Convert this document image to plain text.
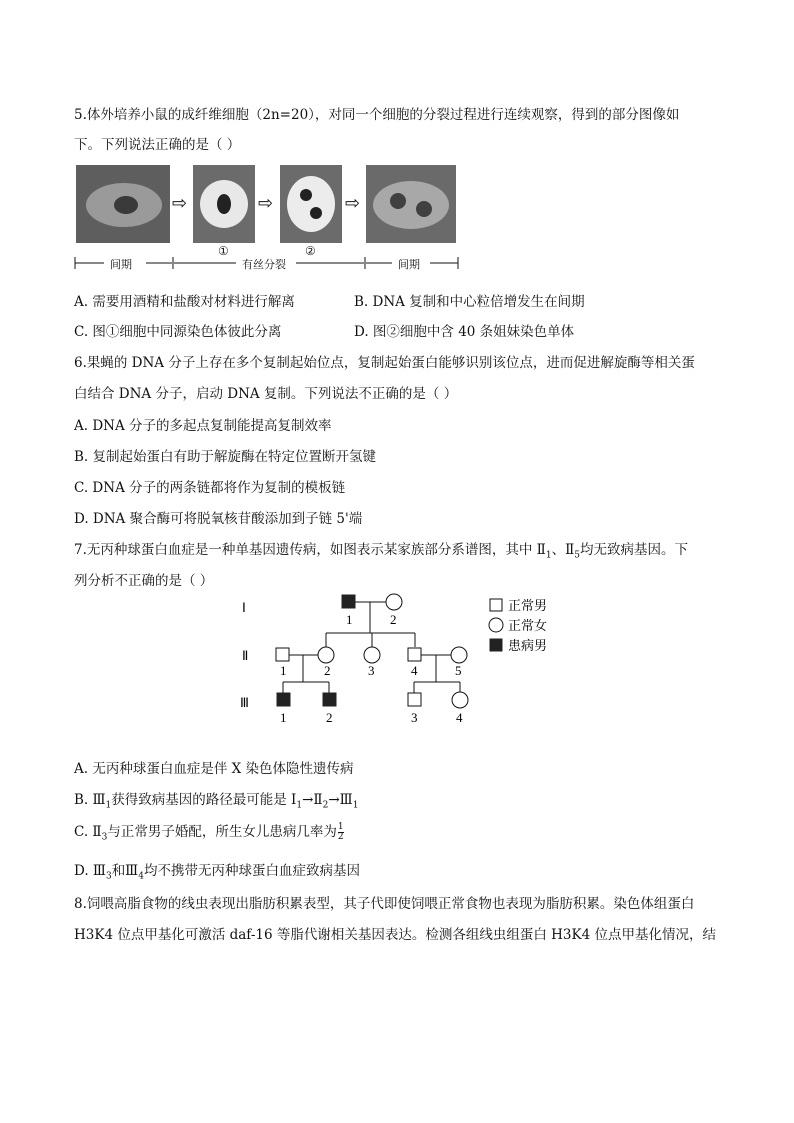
5.体外培养小鼠的成纤维细胞（2n=20），对同一个细胞的分裂过程进行连续观察，得到的部分图像如
下。下列说法正确的是（ ）
⇨	⇨	⇨
①	②
间期	有丝分裂	间期
A. 需要用酒精和盐酸对材料进行解离	B. DNA 复制和中心粒倍增发生在间期
C. 图①细胞中同源染色体彼此分离	D. 图②细胞中含 40 条姐妹染色单体
6.果蝇的 DNA 分子上存在多个复制起始位点，复制起始蛋白能够识别该位点，进而促进解旋酶等相关蛋
白结合 DNA 分子，启动 DNA 复制。下列说法不正确的是（ ）
A. DNA 分子的多起点复制能提高复制效率
B. 复制起始蛋白有助于解旋酶在特定位置断开氢键
C. DNA 分子的两条链都将作为复制的模板链
D. DNA 聚合酶可将脱氧核苷酸添加到子链 5'端
7.无丙种球蛋白血症是一种单基因遗传病，如图表示某家族部分系谱图，其中 $Ⅱ_1$、$Ⅱ_5$均无致病基因。下
列分析不正确的是（ ）
Ⅰ
Ⅱ
Ⅲ
1	2
1	2	3	4	5
1	2	3	4
正常男
正常女
患病男
A. 无丙种球蛋白血症是伴 X 染色体隐性遗传病
B. $Ⅲ_1$获得致病基因的路径最可能是 $Ⅰ_1\to Ⅱ_2\to Ⅲ_1$
C. $Ⅱ_3$与正常男子婚配，所生女儿患病几率为 $\frac{1}{2}$
D. $Ⅲ_3$和$Ⅲ_4$均不携带无丙种球蛋白血症致病基因
8.饲喂高脂食物的线虫表现出脂肪积累表型，其子代即使饲喂正常食物也表现为脂肪积累。染色体组蛋白
H3K4 位点甲基化可激活 daf-16 等脂代谢相关基因表达。检测各组线虫组蛋白 H3K4 位点甲基化情况，结
